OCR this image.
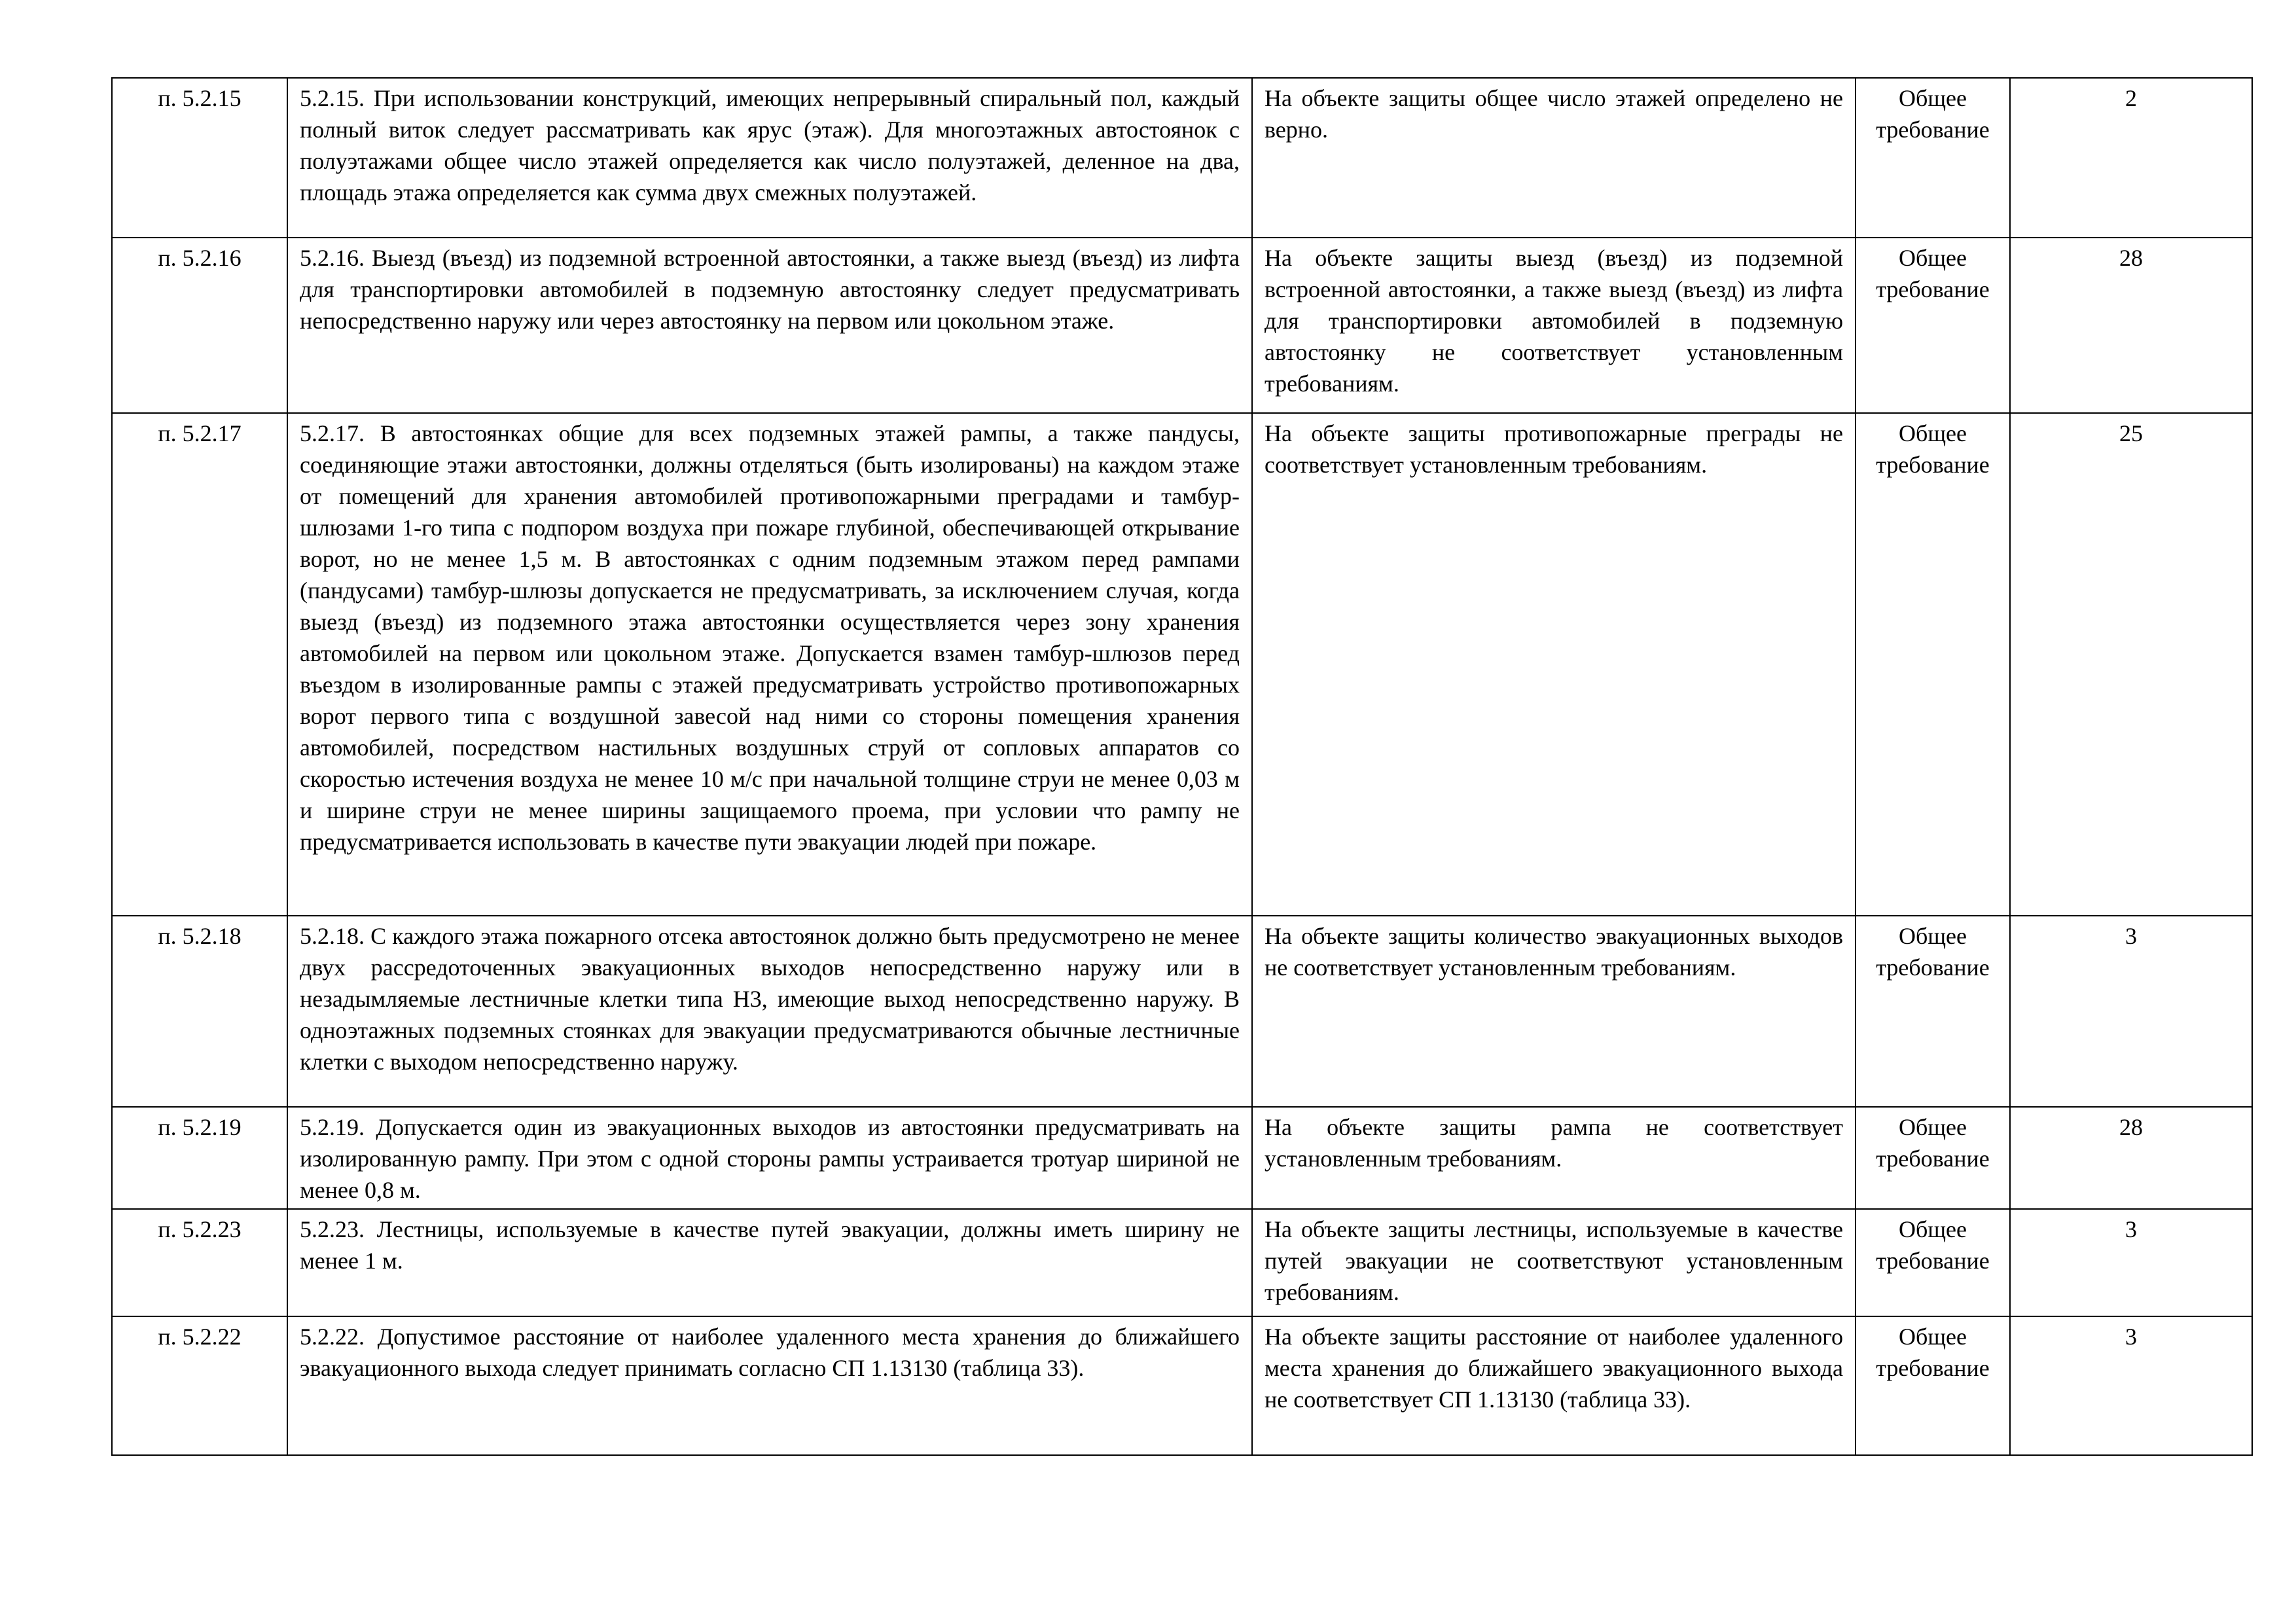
п. 5.2.15	5.2.15. При использовании конструкций, имеющих непрерывный спиральный пол, каждый полный виток следует рассматривать как ярус (этаж). Для многоэтажных автостоянок с полуэтажами общее число этажей определяется как число полуэтажей, деленное на два, площадь этажа определяется как сумма двух смежных полуэтажей.	На объекте защиты общее число этажей определено не верно.	Общее требование	2
п. 5.2.16	5.2.16. Выезд (въезд) из подземной встроенной автостоянки, а также выезд (въезд) из лифта для транспортировки автомобилей в подземную автостоянку следует предусматривать непосредственно наружу или через автостоянку на первом или цокольном этаже.	На объекте защиты выезд (въезд) из подземной встроенной автостоянки, а также выезд (въезд) из лифта для транспортировки автомобилей в подземную автостоянку не соответствует установленным требованиям.	Общее требование	28
п. 5.2.17	5.2.17. В автостоянках общие для всех подземных этажей рампы, а также пандусы, соединяющие этажи автостоянки, должны отделяться (быть изолированы) на каждом этаже от помещений для хранения автомобилей противопожарными преградами и тамбур-шлюзами 1-го типа с подпором воздуха при пожаре глубиной, обеспечивающей открывание ворот, но не менее 1,5 м. В автостоянках с одним подземным этажом перед рампами (пандусами) тамбур-шлюзы допускается не предусматривать, за исключением случая, когда выезд (въезд) из подземного этажа автостоянки осуществляется через зону хранения автомобилей на первом или цокольном этаже. Допускается взамен тамбур-шлюзов перед въездом в изолированные рампы с этажей предусматривать устройство противопожарных ворот первого типа с воздушной завесой над ними со стороны помещения хранения автомобилей, посредством настильных воздушных струй от сопловых аппаратов со скоростью истечения воздуха не менее 10 м/с при начальной толщине струи не менее 0,03 м и ширине струи не менее ширины защищаемого проема, при условии что рампу не предусматривается использовать в качестве пути эвакуации людей при пожаре.	На объекте защиты противопожарные преграды не соответствует установленным требованиям.	Общее требование	25
п. 5.2.18	5.2.18. С каждого этажа пожарного отсека автостоянок должно быть предусмотрено не менее двух рассредоточенных эвакуационных выходов непосредственно наружу или в незадымляемые лестничные клетки типа Н3, имеющие выход непосредственно наружу. В одноэтажных подземных стоянках для эвакуации предусматриваются обычные лестничные клетки с выходом непосредственно наружу.	На объекте защиты количество эвакуационных выходов не соответствует установленным требованиям.	Общее требование	3
п. 5.2.19	5.2.19. Допускается один из эвакуационных выходов из автостоянки предусматривать на изолированную рампу. При этом с одной стороны рампы устраивается тротуар шириной не менее 0,8 м.	На объекте защиты рампа не соответствует установленным требованиям.	Общее требование	28
п. 5.2.23	5.2.23. Лестницы, используемые в качестве путей эвакуации, должны иметь ширину не менее 1 м.	На объекте защиты лестницы, используемые в качестве путей эвакуации не соответствуют установленным требованиям.	Общее требование	3
п. 5.2.22	5.2.22. Допустимое расстояние от наиболее удаленного места хранения до ближайшего эвакуационного выхода следует принимать согласно СП 1.13130 (таблица 33).	На объекте защиты расстояние от наиболее удаленного места хранения до ближайшего эвакуационного выхода не соответствует СП 1.13130 (таблица 33).	Общее требование	3
